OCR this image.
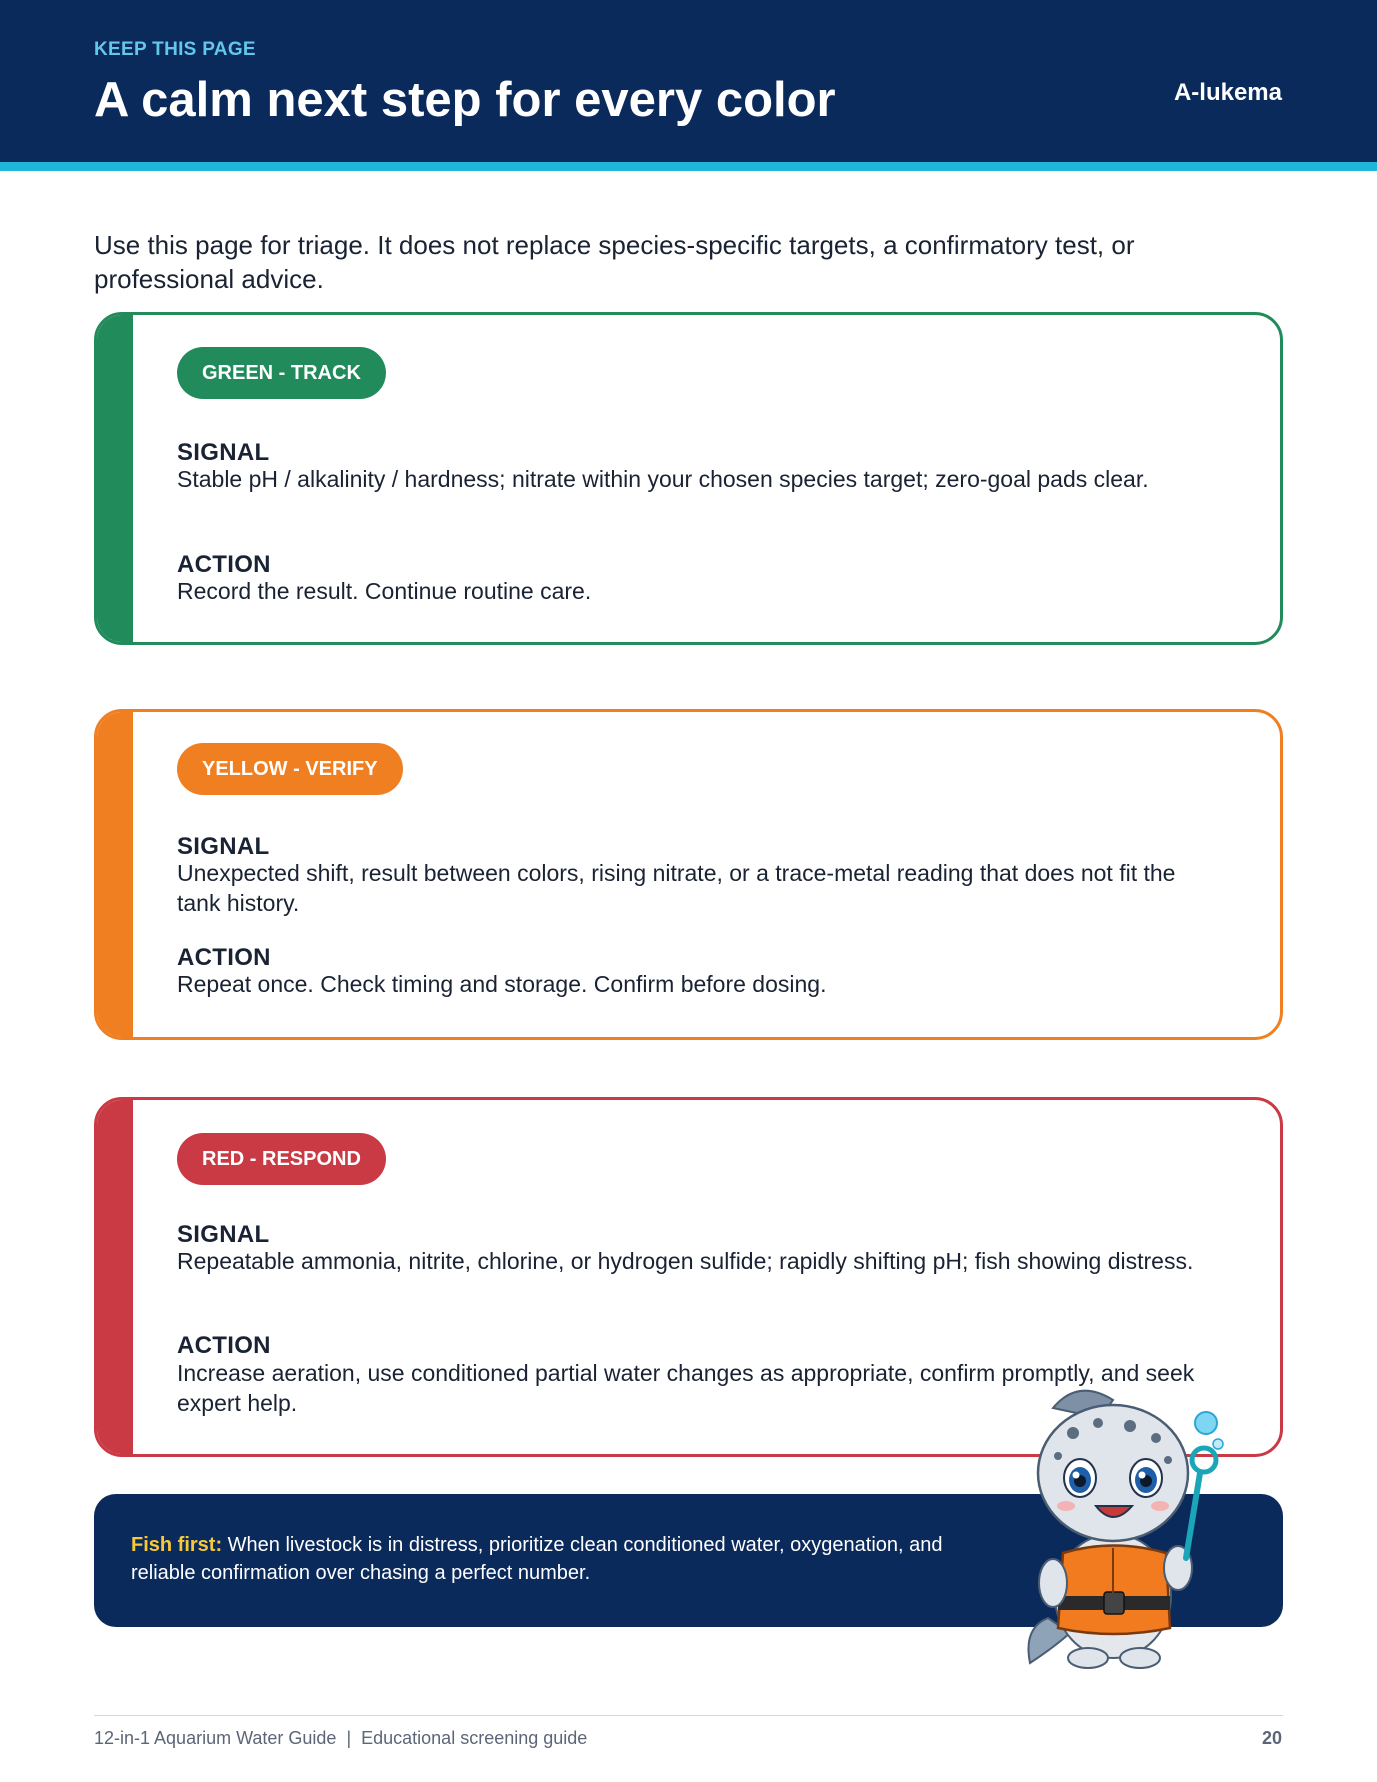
KEEP THIS PAGE
A calm next step for every color	A-lukema

Use this page for triage. It does not replace species-specific targets, a confirmatory test, or professional advice.

GREEN - TRACK
SIGNAL
Stable pH / alkalinity / hardness; nitrate within your chosen species target; zero-goal pads clear.
ACTION
Record the result. Continue routine care.
YELLOW - VERIFY
SIGNAL
Unexpected shift, result between colors, rising nitrate, or a trace-metal reading that does not fit the tank history.
ACTION
Repeat once. Check timing and storage. Confirm before dosing.
RED - RESPOND
SIGNAL
Repeatable ammonia, nitrite, chlorine, or hydrogen sulfide; rapidly shifting pH; fish showing distress.
ACTION
Increase aeration, use conditioned partial water changes as appropriate, confirm promptly, and seek expert help.

Fish first: When livestock is in distress, prioritize clean conditioned water, oxygenation, and reliable confirmation over chasing a perfect number.

12-in-1 Aquarium Water Guide  |  Educational screening guide	20
